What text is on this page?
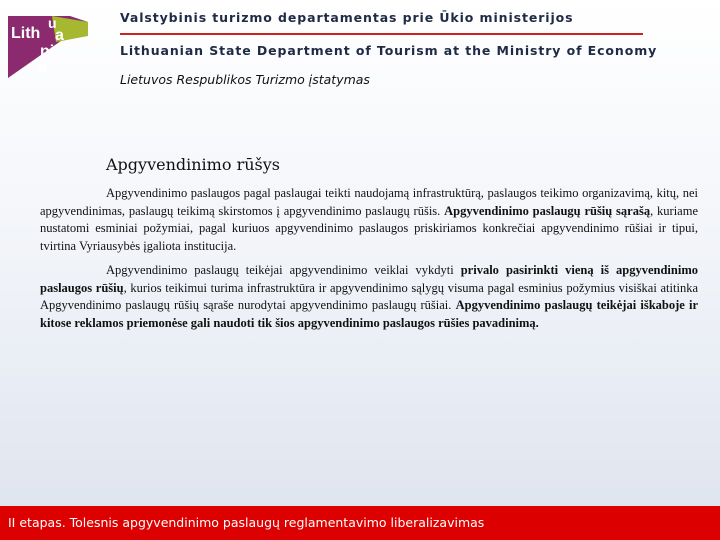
Lith
u
a
ni
a
Valstybinis turizmo departamentas prie Ūkio ministerijos
Lithuanian State Department of Tourism at the Ministry of Economy
Lietuvos Respublikos Turizmo įstatymas
Apgyvendinimo rūšys

Apgyvendinimo paslaugos pagal paslaugai teikti naudojamą infrastruktūrą, paslaugos teikimo organizavimą, kitų, nei apgyvendinimas, paslaugų teikimą skirstomos į apgyvendinimo paslaugų rūšis. Apgyvendinimo paslaugų rūšių sąrašą, kuriame nustatomi esminiai požymiai, pagal kuriuos apgyvendinimo paslaugos priskiriamos konkrečiai apgyvendinimo rūšiai ir tipui, tvirtina Vyriausybės įgaliota institucija.

Apgyvendinimo paslaugų teikėjai apgyvendinimo veiklai vykdyti privalo pasirinkti vieną iš apgyvendinimo paslaugos rūšių, kurios teikimui turima infrastruktūra ir apgyvendinimo sąlygų visuma pagal esminius požymius visiškai atitinka Apgyvendinimo paslaugų rūšių sąraše nurodytai apgyvendinimo paslaugų rūšiai. Apgyvendinimo paslaugų teikėjai iškaboje ir kitose reklamos priemonėse gali naudoti tik šios apgyvendinimo paslaugos rūšies pavadinimą.

II etapas. Tolesnis apgyvendinimo paslaugų reglamentavimo liberalizavimas
